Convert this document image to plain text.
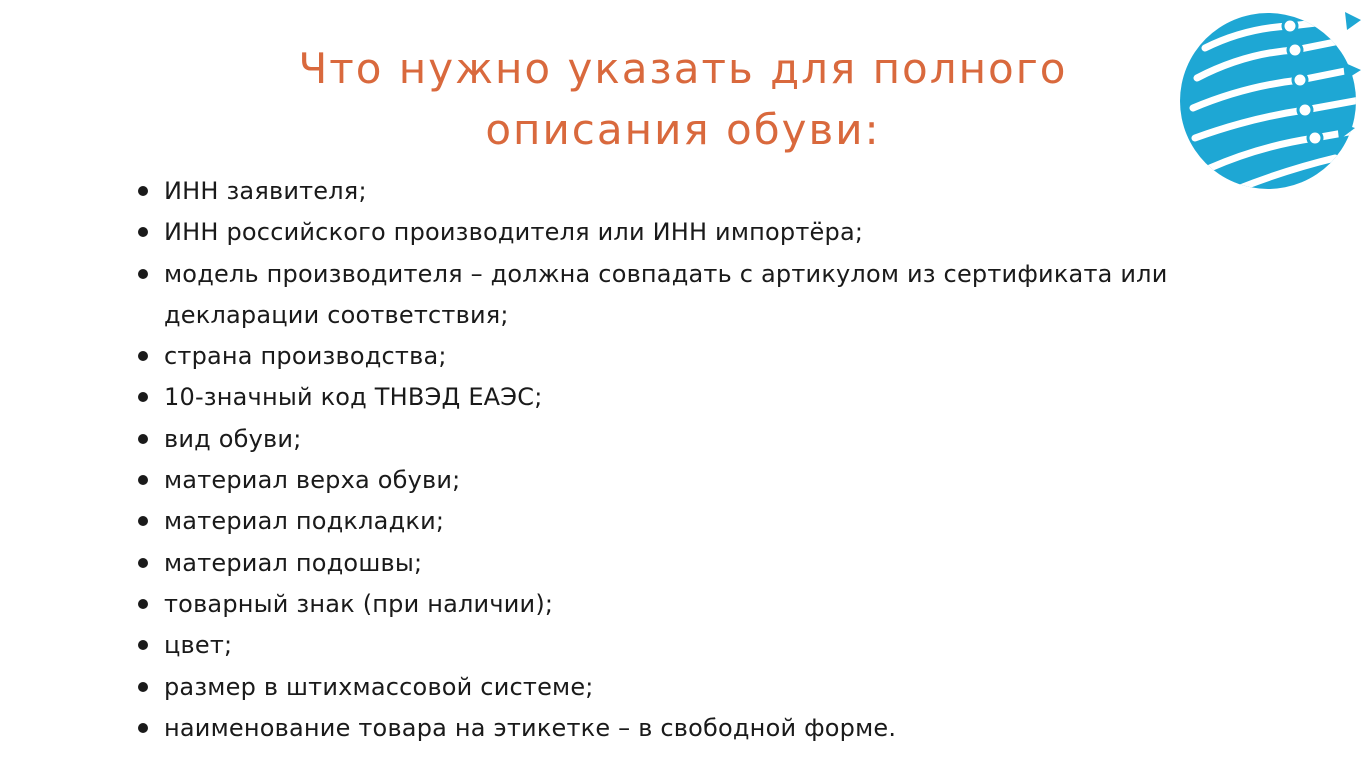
Что нужно указать для полного
описания обуви:
ИНН заявителя;
ИНН российского производителя или ИНН импортёра;
модель производителя – должна совпадать с артикулом из сертификата или декларации соответствия;
страна производства;
10-значный код ТНВЭД ЕАЭС;
вид обуви;
материал верха обуви;
материал подкладки;
материал подошвы;
товарный знак (при наличии);
цвет;
размер в штихмассовой системе;
наименование товара на этикетке – в свободной форме.
